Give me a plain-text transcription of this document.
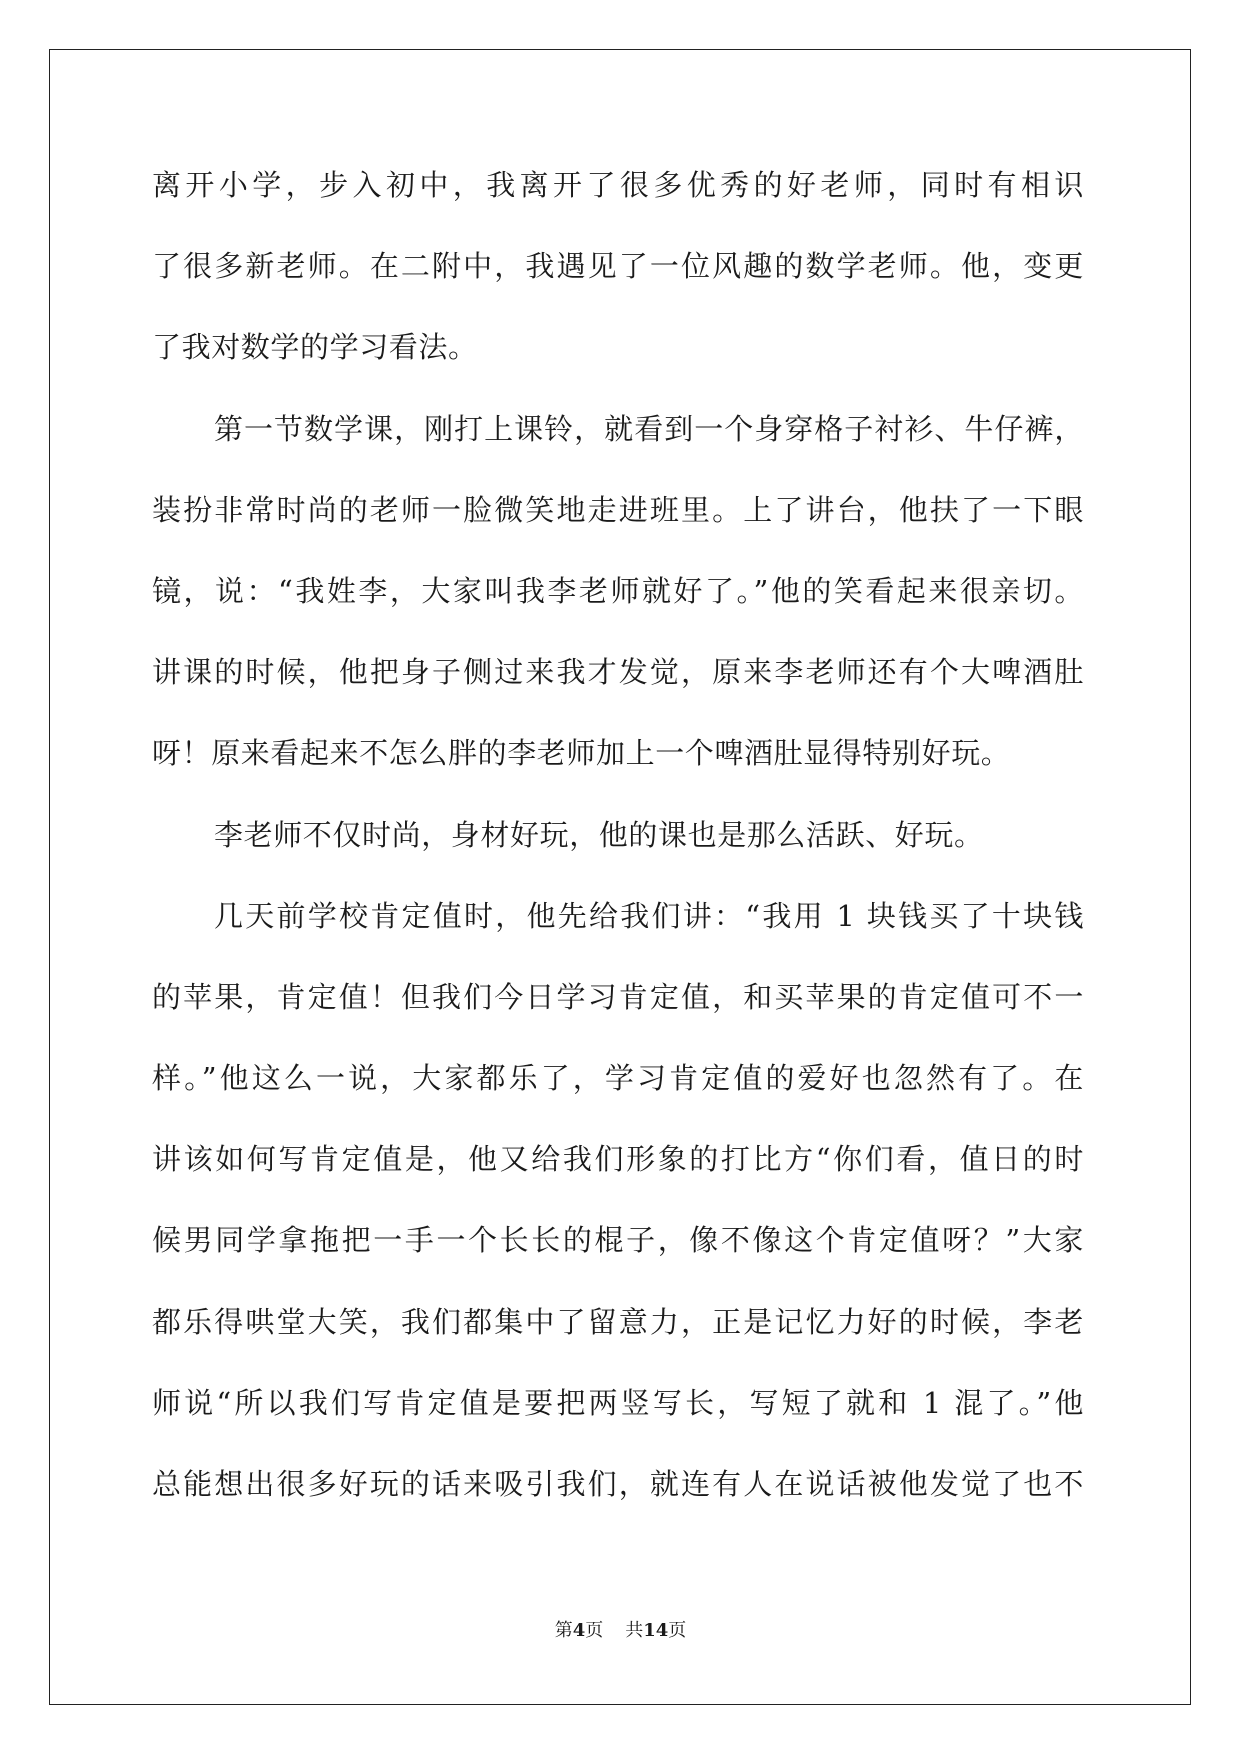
离开小学，步入初中，我离开了很多优秀的好老师，同时有相识
了很多新老师。在二附中，我遇见了一位风趣的数学老师。他，变更
了我对数学的学习看法。
第一节数学课，刚打上课铃，就看到一个身穿格子衬衫、牛仔裤，
装扮非常时尚的老师一脸微笑地走进班里。上了讲台，他扶了一下眼
镜，说：“我姓李，大家叫我李老师就好了。”他的笑看起来很亲切。
讲课的时候，他把身子侧过来我才发觉，原来李老师还有个大啤酒肚
呀！原来看起来不怎么胖的李老师加上一个啤酒肚显得特别好玩。
李老师不仅时尚，身材好玩，他的课也是那么活跃、好玩。
几天前学校肯定值时，他先给我们讲：“我用 1 块钱买了十块钱
的苹果，肯定值！但我们今日学习肯定值，和买苹果的肯定值可不一
样。”他这么一说，大家都乐了，学习肯定值的爱好也忽然有了。在
讲该如何写肯定值是，他又给我们形象的打比方“你们看，值日的时
候男同学拿拖把一手一个长长的棍子，像不像这个肯定值呀？”大家
都乐得哄堂大笑，我们都集中了留意力，正是记忆力好的时候，李老
师说“所以我们写肯定值是要把两竖写长，写短了就和 1 混了。”他
总能想出很多好玩的话来吸引我们，就连有人在说话被他发觉了也不
第4页 共14页
